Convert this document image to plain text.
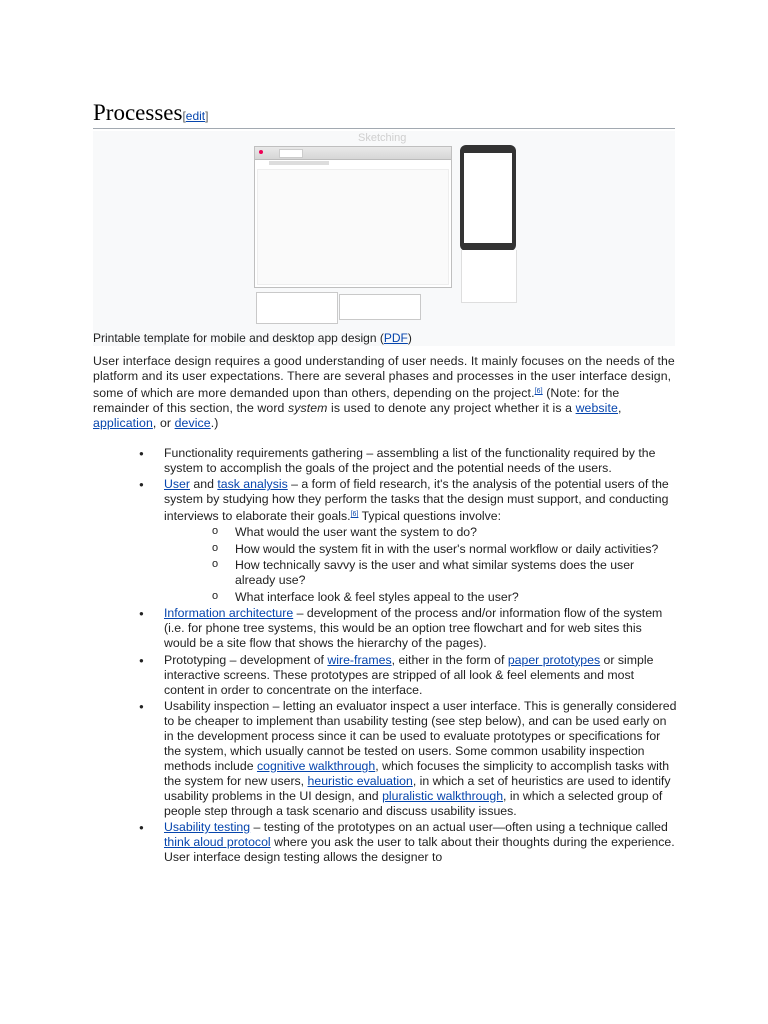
Processes[edit]
Sketching
Printable template for mobile and desktop app design (PDF)
User interface design requires a good understanding of user needs. It mainly focuses on the needs of the platform and its user expectations. There are several phases and processes in the user interface design, some of which are more demanded upon than others, depending on the project.[6] (Note: for the remainder of this section, the word system is used to denote any project whether it is a website, application, or device.)
● Functionality requirements gathering – assembling a list of the functionality required by the system to accomplish the goals of the project and the potential needs of the users.
● User and task analysis – a form of field research, it's the analysis of the potential users of the system by studying how they perform the tasks that the design must support, and conducting interviews to elaborate their goals.[6] Typical questions involve:
o What would the user want the system to do?
o How would the system fit in with the user's normal workflow or daily activities?
o How technically savvy is the user and what similar systems does the user already use?
o What interface look & feel styles appeal to the user?
● Information architecture – development of the process and/or information flow of the system (i.e. for phone tree systems, this would be an option tree flowchart and for web sites this would be a site flow that shows the hierarchy of the pages).
● Prototyping – development of wire-frames, either in the form of paper prototypes or simple interactive screens. These prototypes are stripped of all look & feel elements and most content in order to concentrate on the interface.
● Usability inspection – letting an evaluator inspect a user interface. This is generally considered to be cheaper to implement than usability testing (see step below), and can be used early on in the development process since it can be used to evaluate prototypes or specifications for the system, which usually cannot be tested on users. Some common usability inspection methods include cognitive walkthrough, which focuses the simplicity to accomplish tasks with the system for new users, heuristic evaluation, in which a set of heuristics are used to identify usability problems in the UI design, and pluralistic walkthrough, in which a selected group of people step through a task scenario and discuss usability issues.
● Usability testing – testing of the prototypes on an actual user—often using a technique called think aloud protocol where you ask the user to talk about their thoughts during the experience. User interface design testing allows the designer to
